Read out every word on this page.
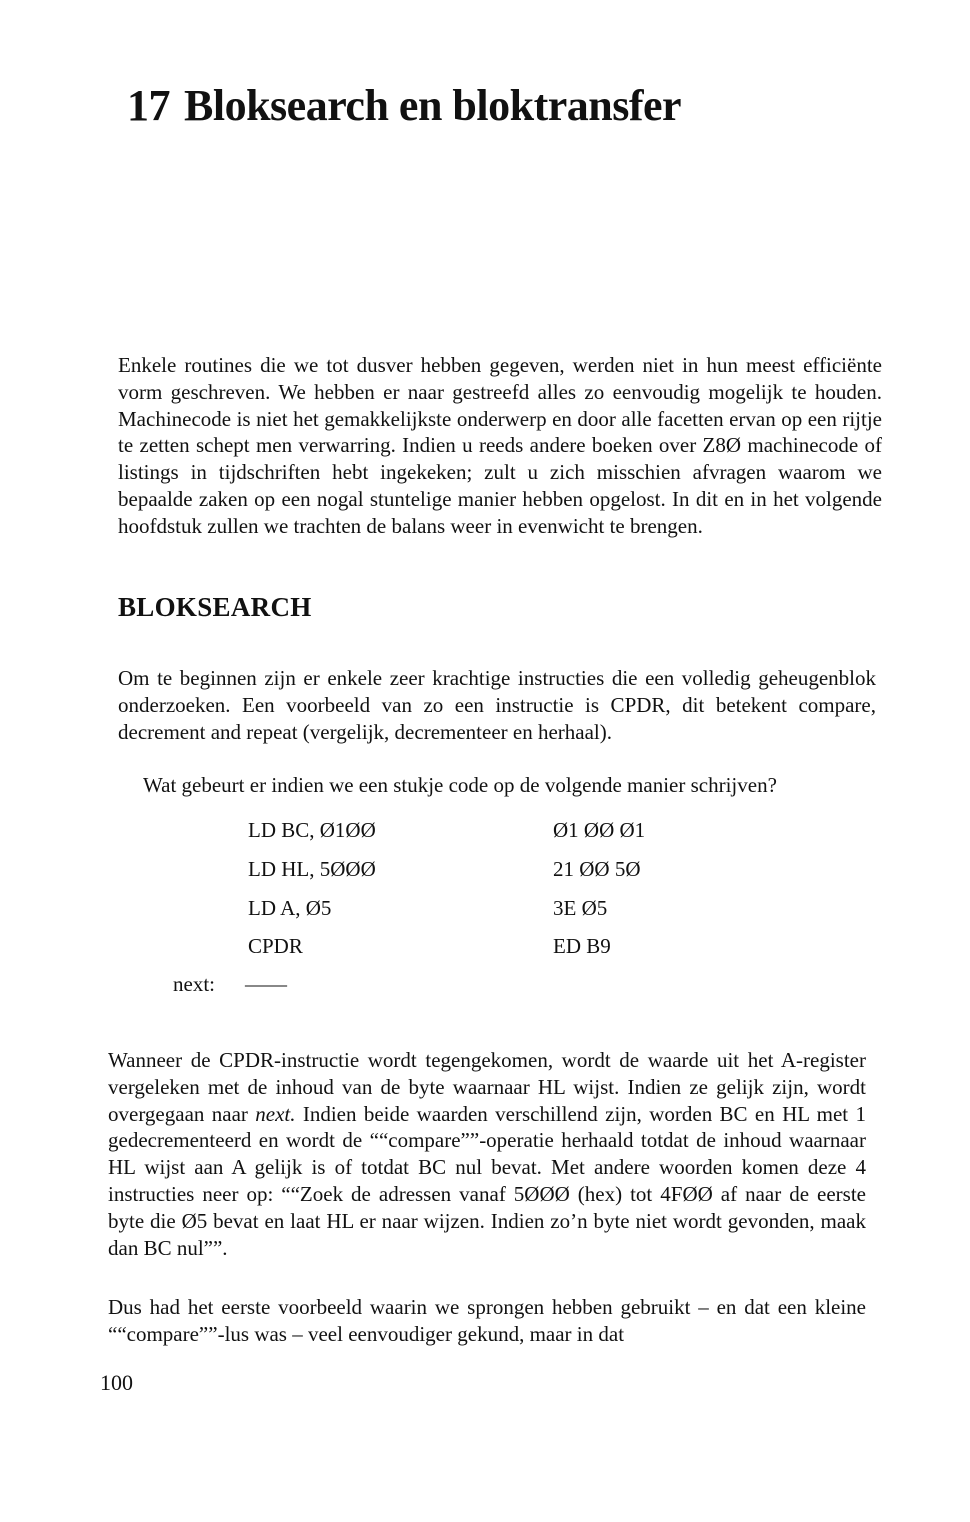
17 Bloksearch en bloktransfer

Enkele routines die we tot dusver hebben gegeven, werden niet in hun meest efficiënte vorm geschreven. We hebben er naar gestreefd alles zo eenvoudig mogelijk te houden. Machinecode is niet het gemakkelijkste onderwerp en door alle facetten ervan op een rijtje te zetten schept men verwarring. Indien u reeds andere boeken over Z8Ø machinecode of listings in tijdschriften hebt ingekeken; zult u zich misschien afvragen waarom we bepaalde zaken op een nogal stuntelige manier hebben opgelost. In dit en in het volgende hoofdstuk zullen we trachten de balans weer in evenwicht te brengen.

BLOKSEARCH

Om te beginnen zijn er enkele zeer krachtige instructies die een volledig geheugenblok onderzoeken. Een voorbeeld van zo een instructie is CPDR, dit betekent compare, decrement and repeat (vergelijk, decrementeer en herhaal).

Wat gebeurt er indien we een stukje code op de volgende manier schrijven?

LD BC, Ø1ØØ	Ø1 ØØ Ø1
LD HL, 5ØØØ	21 ØØ 5Ø
LD A, Ø5	3E Ø5
CPDR	ED B9
next: ——

Wanneer de CPDR-instructie wordt tegengekomen, wordt de waarde uit het A-register vergeleken met de inhoud van de byte waarnaar HL wijst. Indien ze gelijk zijn, wordt overgegaan naar next. Indien beide waarden verschillend zijn, worden BC en HL met 1 gedecrementeerd en wordt de ““compare””-operatie herhaald totdat de inhoud waarnaar HL wijst aan A gelijk is of totdat BC nul bevat. Met andere woorden komen deze 4 instructies neer op: ““Zoek de adressen vanaf 5ØØØ (hex) tot 4FØØ af naar de eerste byte die Ø5 bevat en laat HL er naar wijzen. Indien zo’n byte niet wordt gevonden, maak dan BC nul””.

Dus had het eerste voorbeeld waarin we sprongen hebben gebruikt – en dat een kleine ““compare””-lus was – veel eenvoudiger gekund, maar in dat

100
